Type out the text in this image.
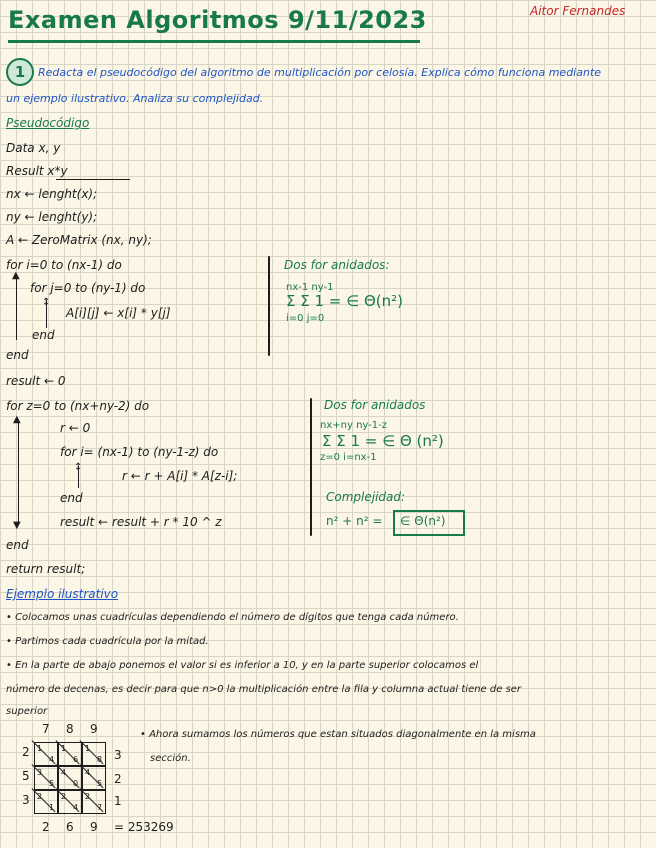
Examen Algoritmos 9/11/2023	Aitor Fernandes
1	Redacta el pseudocódigo del algoritmo de multiplicación por celosía. Explica cómo funciona mediante
un ejemplo ilustrativo. Analiza su complejidad.
Pseudocódigo
Data x, y
Result x*y
nx ← lenght(x);
ny ← lenght(y);
A ← ZeroMatrix (nx, ny);
for i=0 to (nx-1) do
for j=0 to (ny-1) do
A[i][j] ← x[i] * y[j]
end
end
▲
↕
result ← 0
for z=0 to (nx+ny-2) do
r ← 0
for i= (nx-1) to (ny-1-z) do
r ← r + A[i] * A[z-i];
end
result ← result + r * 10 ^ z
end
return result;
▲
▼
↕
Dos for anidados:
nx-1 ny-1
Σ Σ 1 = ∈ Θ(n²)
i=0 j=0
Dos for anidados
nx+ny ny-1-z
Σ Σ 1 = ∈ Θ (n²)
z=0 i=nx-1
Complejidad:
n² + n² = ∈ Θ(n²)
Ejemplo ilustrativo
• Colocamos unas cuadrículas dependiendo el número de dígitos que tenga cada número.
• Partimos cada cuadrícula por la mitad.
• En la parte de abajo ponemos el valor si es inferior a 10, y en la parte superior colocamos el
número de decenas, es decir para que n>0 la multiplicación entre la fila y columna actual tiene de ser
superior
• Ahora sumamos los números que estan situados diagonalmente en la misma
sección.
7 8 9
2
5
3
3
2
1
1
4
1
6
1
8
3
5
4
0
4
5
2
1
2
4
2
7
2 6 9 = 253269
